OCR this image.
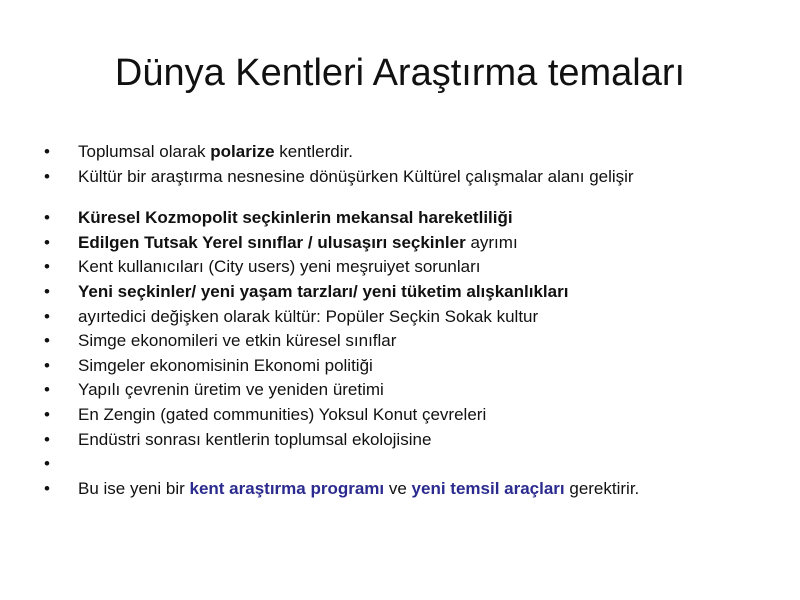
Dünya Kentleri Araştırma temaları
• Toplumsal olarak polarize kentlerdir.
• Kültür bir araştırma nesnesine dönüşürken Kültürel çalışmalar alanı gelişir
• Küresel Kozmopolit seçkinlerin mekansal hareketliliği
• Edilgen Tutsak Yerel sınıflar / ulusaşırı seçkinler ayrımı
• Kent kullanıcıları (City users) yeni meşruiyet sorunları
• Yeni seçkinler/ yeni yaşam tarzları/ yeni tüketim alışkanlıkları
• ayırtedici değişken olarak kültür: Popüler Seçkin Sokak kultur
• Simge ekonomileri ve etkin küresel sınıflar
• Simgeler ekonomisinin Ekonomi politiği
• Yapılı çevrenin üretim ve yeniden üretimi
• En Zengin (gated communities) Yoksul Konut çevreleri
• Endüstri sonrası kentlerin toplumsal ekolojisine
•
• Bu ise yeni bir kent araştırma programı ve yeni temsil araçları gerektirir.
